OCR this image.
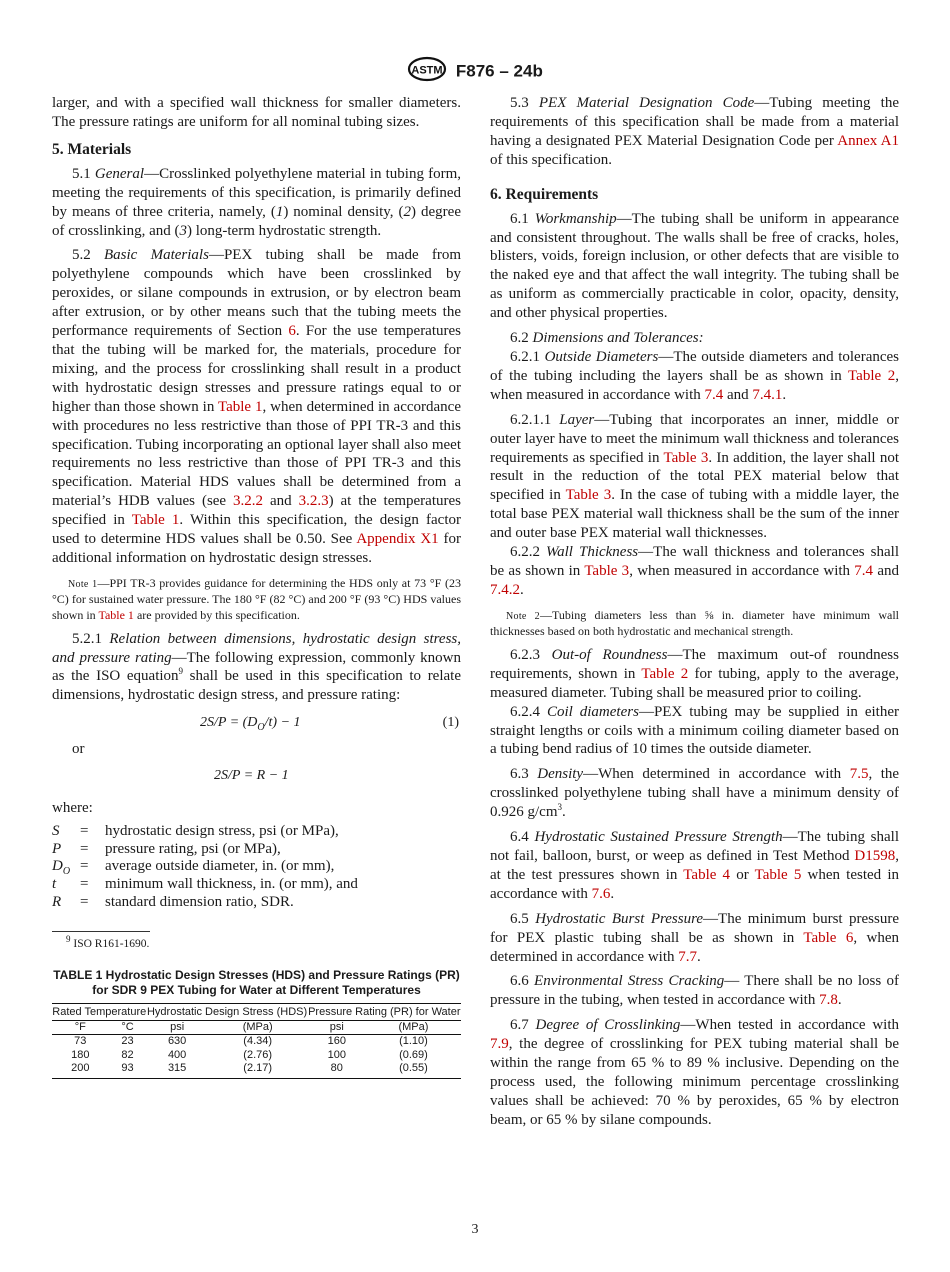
ASTM F876 – 24b

larger, and with a specified wall thickness for smaller diameters. The pressure ratings are uniform for all nominal tubing sizes.

5. Materials

5.1 General—Crosslinked polyethylene material in tubing form, meeting the requirements of this specification, is primarily defined by means of three criteria, namely, (1) nominal density, (2) degree of crosslinking, and (3) long-term hydrostatic strength.

5.2 Basic Materials—PEX tubing shall be made from polyethylene compounds which have been crosslinked by peroxides, or silane compounds in extrusion, or by electron beam after extrusion, or by other means such that the tubing meets the performance requirements of Section 6. For the use temperatures that the tubing will be marked for, the materials, procedure for mixing, and the process for crosslinking shall result in a product with hydrostatic design stresses and pressure ratings equal to or higher than those shown in Table 1, when determined in accordance with procedures no less restrictive than those of PPI TR-3 and this specification. Tubing incorporating an optional layer shall also meet requirements no less restrictive than those of PPI TR-3 and this specification. Material HDS values shall be determined from a material’s HDB values (see 3.2.2 and 3.2.3) at the temperatures specified in Table 1. Within this specification, the design factor used to determine HDS values shall be 0.50. See Appendix X1 for additional information on hydrostatic design stresses.

Note 1—PPI TR-3 provides guidance for determining the HDS only at 73 °F (23 °C) for sustained water pressure. The 180 °F (82 °C) and 200 °F (93 °C) HDS values shown in Table 1 are provided by this specification.

5.2.1 Relation between dimensions, hydrostatic design stress, and pressure rating—The following expression, commonly known as the ISO equation$^9$ shall be used in this specification to relate dimensions, hydrostatic design stress, and pressure rating:

$2S/P = (D_O/t) - 1$	(1)
or
2S/P = R − 1
where:
S	=	hydrostatic design stress, psi (or MPa),
P	=	pressure rating, psi (or MPa),
$D_O$	=	average outside diameter, in. (or mm),
t	=	minimum wall thickness, in. (or mm), and
R	=	standard dimension ratio, SDR.
$^9$ ISO R161-1690.
TABLE 1 Hydrostatic Design Stresses (HDS) and Pressure Ratings (PR) for SDR 9 PEX Tubing for Water at Different Temperatures
Rated Temperature		Hydrostatic Design Stress (HDS)		Pressure Rating (PR) for Water	
°F	°C	psi	(MPa)	psi	(MPa)
73	23	630	(4.34)	160	(1.10)
180	82	400	(2.76)	100	(0.69)
200	93	315	(2.17)	80	(0.55)

5.3 PEX Material Designation Code—Tubing meeting the requirements of this specification shall be made from a material having a designated PEX Material Designation Code per Annex A1 of this specification.

6. Requirements

6.1 Workmanship—The tubing shall be uniform in appearance and consistent throughout. The walls shall be free of cracks, holes, blisters, voids, foreign inclusion, or other defects that are visible to the naked eye and that affect the wall integrity. The tubing shall be as uniform as commercially practicable in color, opacity, density, and other physical properties.

6.2 Dimensions and Tolerances:

6.2.1 Outside Diameters—The outside diameters and tolerances of the tubing including the layers shall be as shown in Table 2, when measured in accordance with 7.4 and 7.4.1.

6.2.1.1 Layer—Tubing that incorporates an inner, middle or outer layer have to meet the minimum wall thickness and tolerances requirements as specified in Table 3. In addition, the layer shall not result in the reduction of the total PEX material below that specified in Table 3. In the case of tubing with a middle layer, the total base PEX material wall thickness shall be the sum of the inner and outer base PEX material wall thicknesses.

6.2.2 Wall Thickness—The wall thickness and tolerances shall be as shown in Table 3, when measured in accordance with 7.4 and 7.4.2.

Note 2—Tubing diameters less than ⅝ in. diameter have minimum wall thicknesses based on both hydrostatic and mechanical strength.

6.2.3 Out-of Roundness—The maximum out-of roundness requirements, shown in Table 2 for tubing, apply to the average, measured diameter. Tubing shall be measured prior to coiling.

6.2.4 Coil diameters—PEX tubing may be supplied in either straight lengths or coils with a minimum coiling diameter based on a tubing bend radius of 10 times the outside diameter.

6.3 Density—When determined in accordance with 7.5, the crosslinked polyethylene tubing shall have a minimum density of 0.926 $g/cm^3$.

6.4 Hydrostatic Sustained Pressure Strength—The tubing shall not fail, balloon, burst, or weep as defined in Test Method D1598, at the test pressures shown in Table 4 or Table 5 when tested in accordance with 7.6.

6.5 Hydrostatic Burst Pressure—The minimum burst pressure for PEX plastic tubing shall be as shown in Table 6, when determined in accordance with 7.7.

6.6 Environmental Stress Cracking— There shall be no loss of pressure in the tubing, when tested in accordance with 7.8.

6.7 Degree of Crosslinking—When tested in accordance with 7.9, the degree of crosslinking for PEX tubing material shall be within the range from 65 % to 89 % inclusive. Depending on the process used, the following minimum percentage crosslinking values shall be achieved: 70 % by peroxides, 65 % by electron beam, or 65 % by silane compounds.

3
